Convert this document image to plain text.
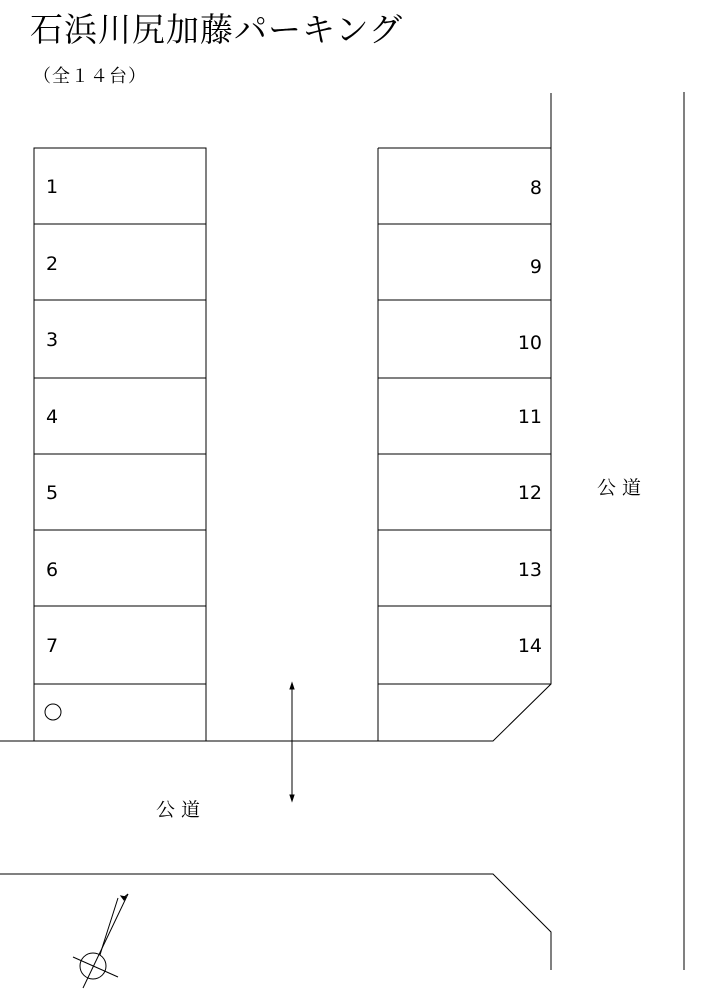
石浜川尻加藤パーキング
（全１４台）
1
2
3
4
5
6
7
8
9
10
11
12
13
14
公 道
公 道
